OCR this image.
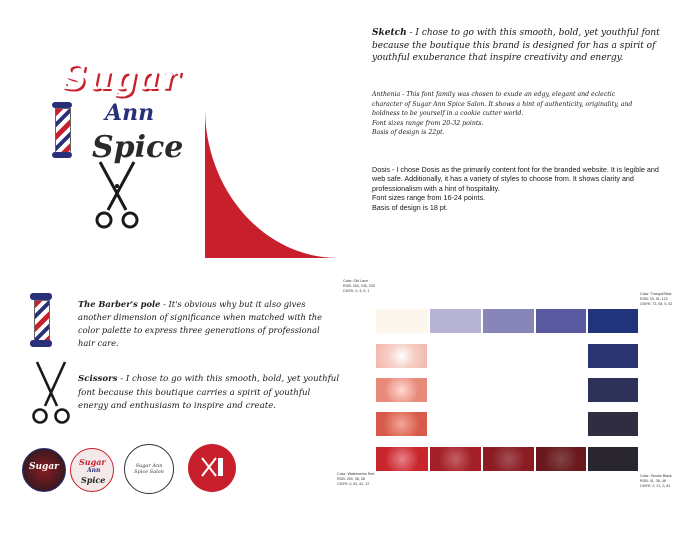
Sugar
Ann
Spice
Sketch - I chose to go with this smooth, bold, yet youthful font because the boutique this brand is designed for has a spirit of youthful exuberance that inspire creativity and energy.
Anthenia - This font family was chosen to exude an edgy, elegant and eclectic character of Sugar Ann Spice Salon. It shows a hint of authenticity, originality, and boldness to be yourself in a cookie cutter world.
Font sizes range from 20-32 points.
Basis of design is 22pt.
Dosis - I chose Dosis as the primarily content font for the branded website. It is legible and web safe. Additionally, it has a variety of styles to choose from. It shows clarity and professionalism with a hint of hospitality.
Font sizes range from 16-24 points.
Basis of design is 18 pt.
The Barber's pole - It's obvious why but it also gives another dimension of significance when matched with the color palette to express three generations of professional hair care.
Scissors - I chose to go with this smooth, bold, yet youthful font because this boutique carries a spirit of youthful energy and enthusiasm to inspire and create.
Sugar	Sugar
Ann
Spice
Sugar Ann Spice Salon
Color: Old Lace
RGB: 253, 245, 230
CMYK: 0, 3, 9, 1
Color: Tranquil Blue
RGB: 33, 51, 122
CMYK: 73, 58, 0, 52
Color: Watermelon Red
RGB: 200, 38, 38
CMYK: 0, 81, 81, 22
Color: Smoke Black
RGB: 41, 38, 48
CMYK: 0, 21, 0, 81
